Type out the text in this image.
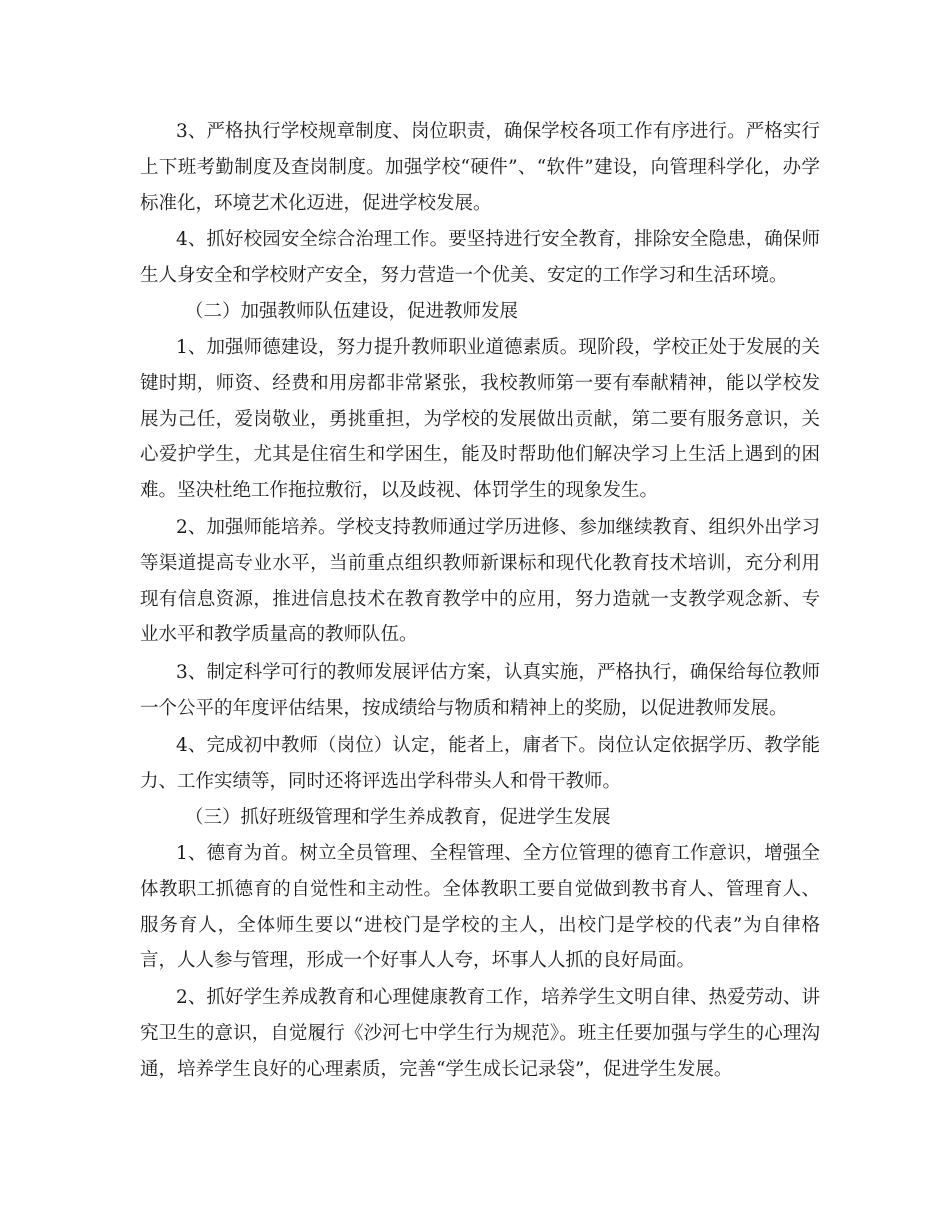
3、严格执行学校规章制度、岗位职责，确保学校各项工作有序进行。严格实行上下班考勤制度及查岗制度。加强学校“硬件”、“软件”建设，向管理科学化，办学标准化，环境艺术化迈进，促进学校发展。

4、抓好校园安全综合治理工作。要坚持进行安全教育，排除安全隐患，确保师生人身安全和学校财产安全，努力营造一个优美、安定的工作学习和生活环境。

（二）加强教师队伍建设，促进教师发展

1、加强师德建设，努力提升教师职业道德素质。现阶段，学校正处于发展的关键时期，师资、经费和用房都非常紧张，我校教师第一要有奉献精神，能以学校发展为己任，爱岗敬业，勇挑重担，为学校的发展做出贡献，第二要有服务意识，关心爱护学生，尤其是住宿生和学困生，能及时帮助他们解决学习上生活上遇到的困难。坚决杜绝工作拖拉敷衍，以及歧视、体罚学生的现象发生。

2、加强师能培养。学校支持教师通过学历进修、参加继续教育、组织外出学习等渠道提高专业水平，当前重点组织教师新课标和现代化教育技术培训，充分利用现有信息资源，推进信息技术在教育教学中的应用，努力造就一支教学观念新、专业水平和教学质量高的教师队伍。

3、制定科学可行的教师发展评估方案，认真实施，严格执行，确保给每位教师一个公平的年度评估结果，按成绩给与物质和精神上的奖励，以促进教师发展。

4、完成初中教师（岗位）认定，能者上，庸者下。岗位认定依据学历、教学能力、工作实绩等，同时还将评选出学科带头人和骨干教师。

（三）抓好班级管理和学生养成教育，促进学生发展

1、德育为首。树立全员管理、全程管理、全方位管理的德育工作意识，增强全体教职工抓德育的自觉性和主动性。全体教职工要自觉做到教书育人、管理育人、服务育人，全体师生要以“进校门是学校的主人，出校门是学校的代表”为自律格言，人人参与管理，形成一个好事人人夸，坏事人人抓的良好局面。

2、抓好学生养成教育和心理健康教育工作，培养学生文明自律、热爱劳动、讲究卫生的意识，自觉履行《沙河七中学生行为规范》。班主任要加强与学生的心理沟通，培养学生良好的心理素质，完善“学生成长记录袋”，促进学生发展。
